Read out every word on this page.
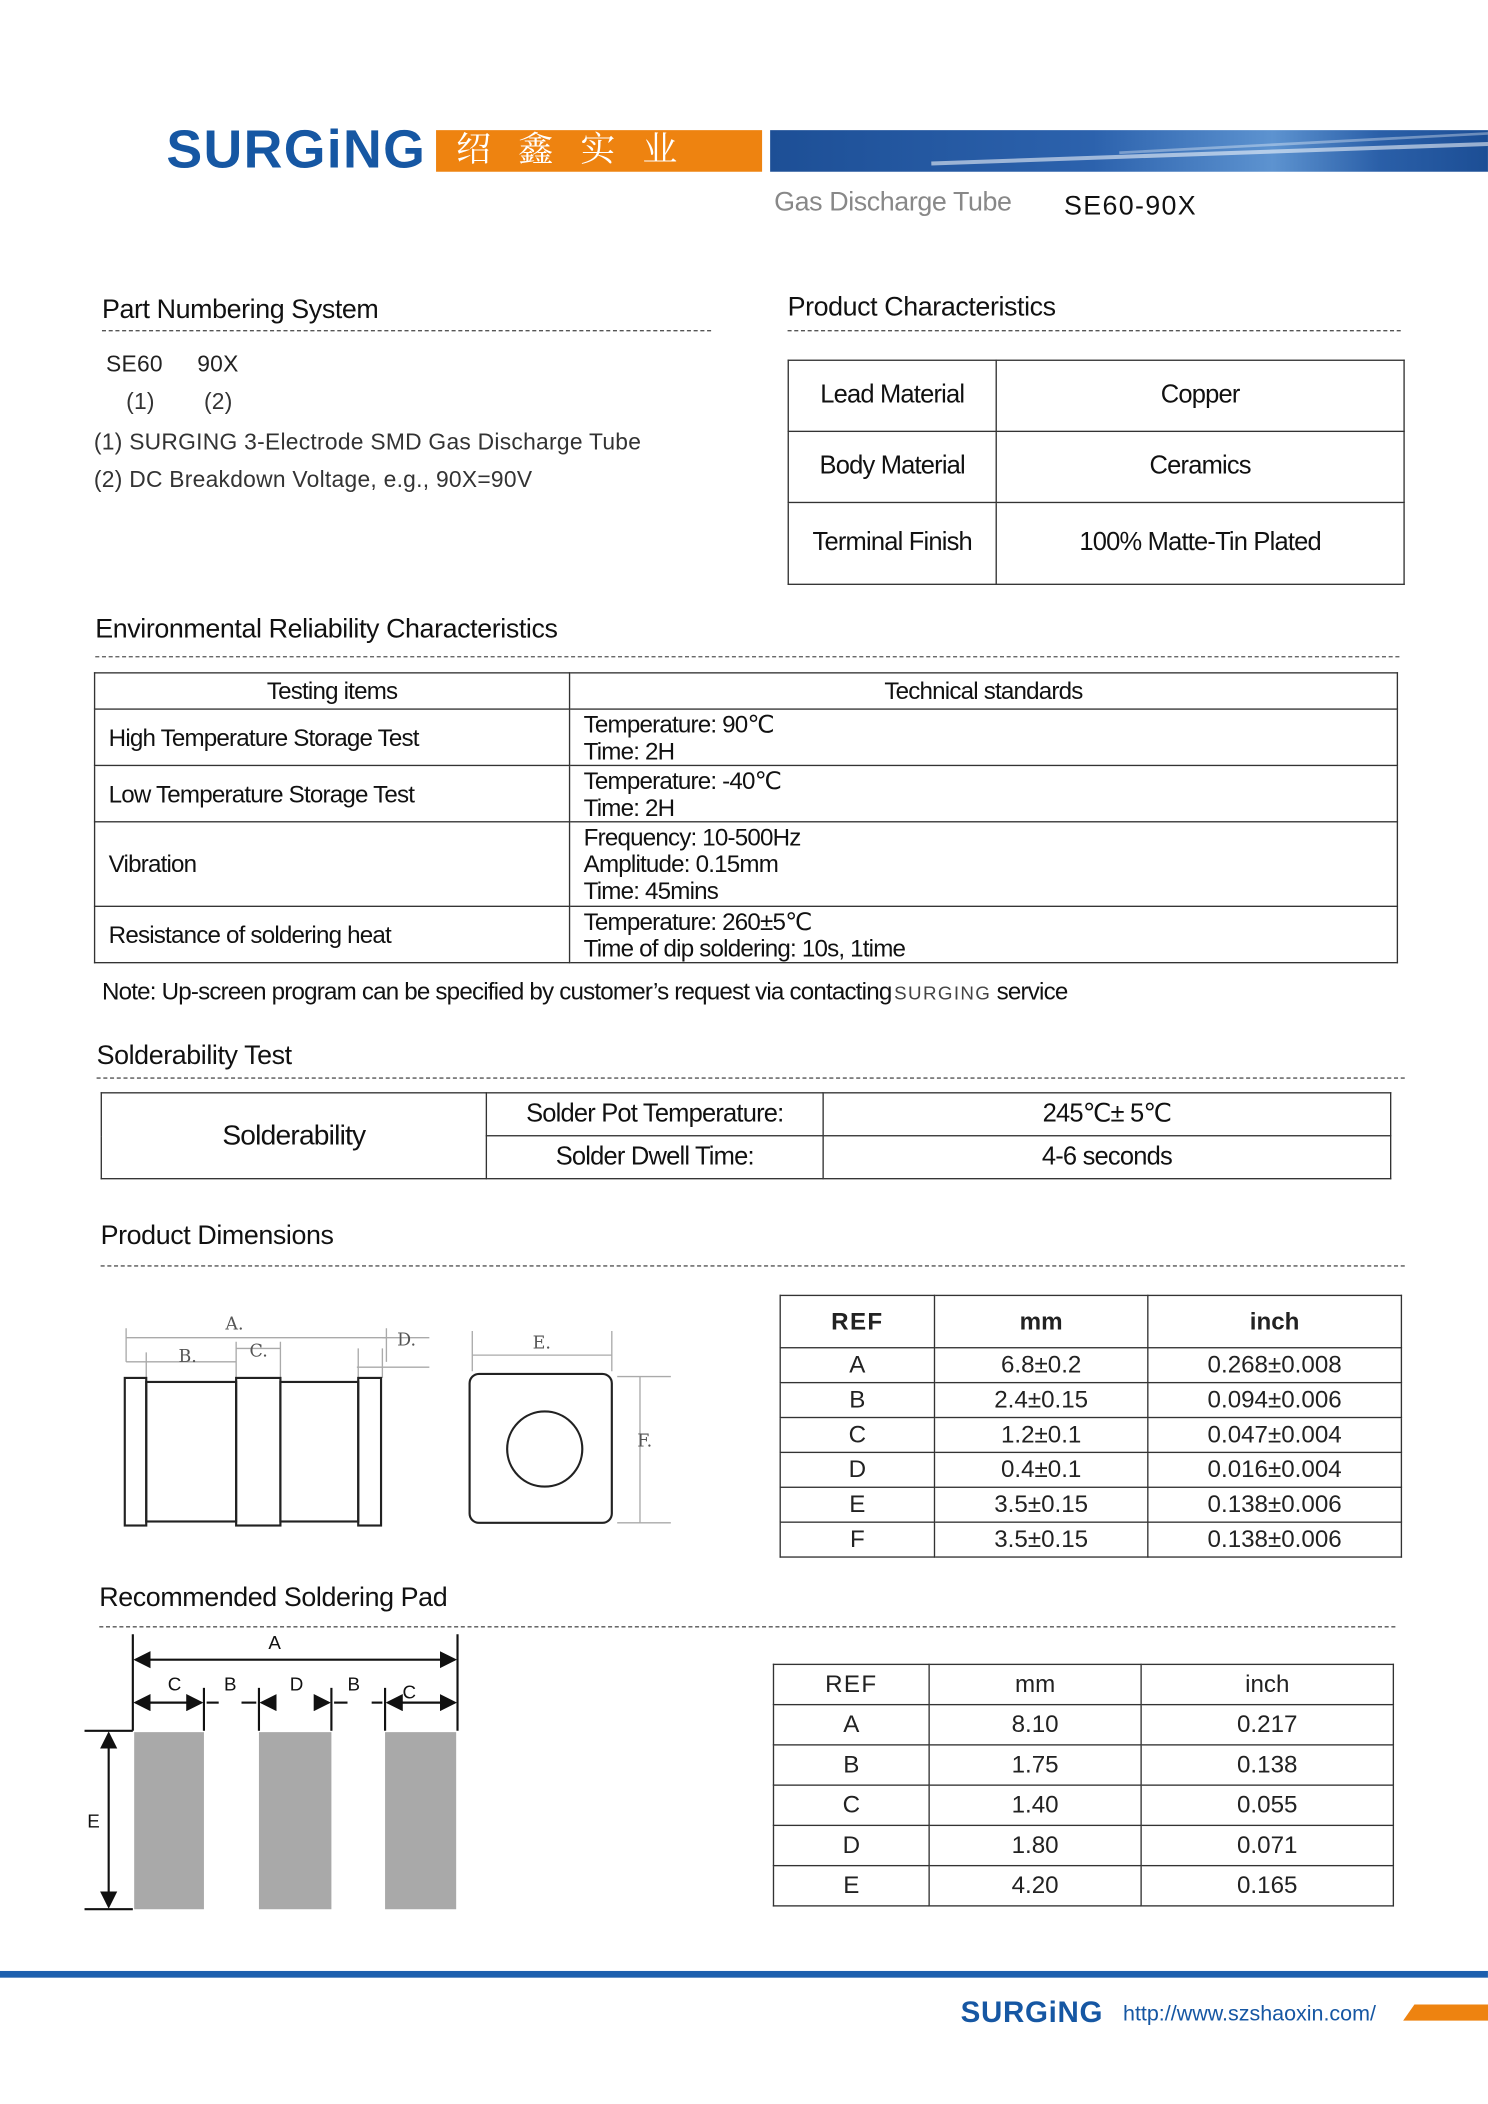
SURGiNG 绍 鑫 实 业
Gas Discharge Tube	SE60-90X
Part Numbering System
SE60 90X
(1)	(2)
(1) SURGING 3-Electrode SMD Gas Discharge Tube
(2) DC Breakdown Voltage, e.g., 90X=90V
Product Characteristics
Lead Material	Copper
Body Material	Ceramics
Terminal Finish	100% Matte-Tin Plated
Environmental Reliability Characteristics
Testing items	Technical standards
High Temperature Storage Test	Temperature: 90℃
Time: 2H

Low Temperature Storage Test	Temperature: -40℃
Time: 2H

Vibration	Frequency: 10-500Hz
Amplitude: 0.15mm
Time: 45mins

Resistance of soldering heat	Temperature: 260±5℃
Time of dip soldering: 10s, 1time
Note: Up-screen program can be specified by customer’s request via contacting SURGING service
Solderability Test
Solderability	Solder Pot Temperature:	245℃± 5℃
	Solder Dwell Time:	4-6 seconds
Product Dimensions
A.
B.	C.
D.	E.
F.
REF	mm	inch
A	6.8±0.2	0.268±0.008
B	2.4±0.15	0.094±0.006
C	1.2±0.1	0.047±0.004
D	0.4±0.1	0.016±0.004
E	3.5±0.15	0.138±0.006
F	3.5±0.15	0.138±0.006
Recommended Soldering Pad
A
C	B	D	B	C
E
REF	mm	inch
A	8.10	0.217
B	1.75	0.138
C	1.40	0.055
D	1.80	0.071
E	4.20	0.165
SURGiNG http://www.szshaoxin.com/
